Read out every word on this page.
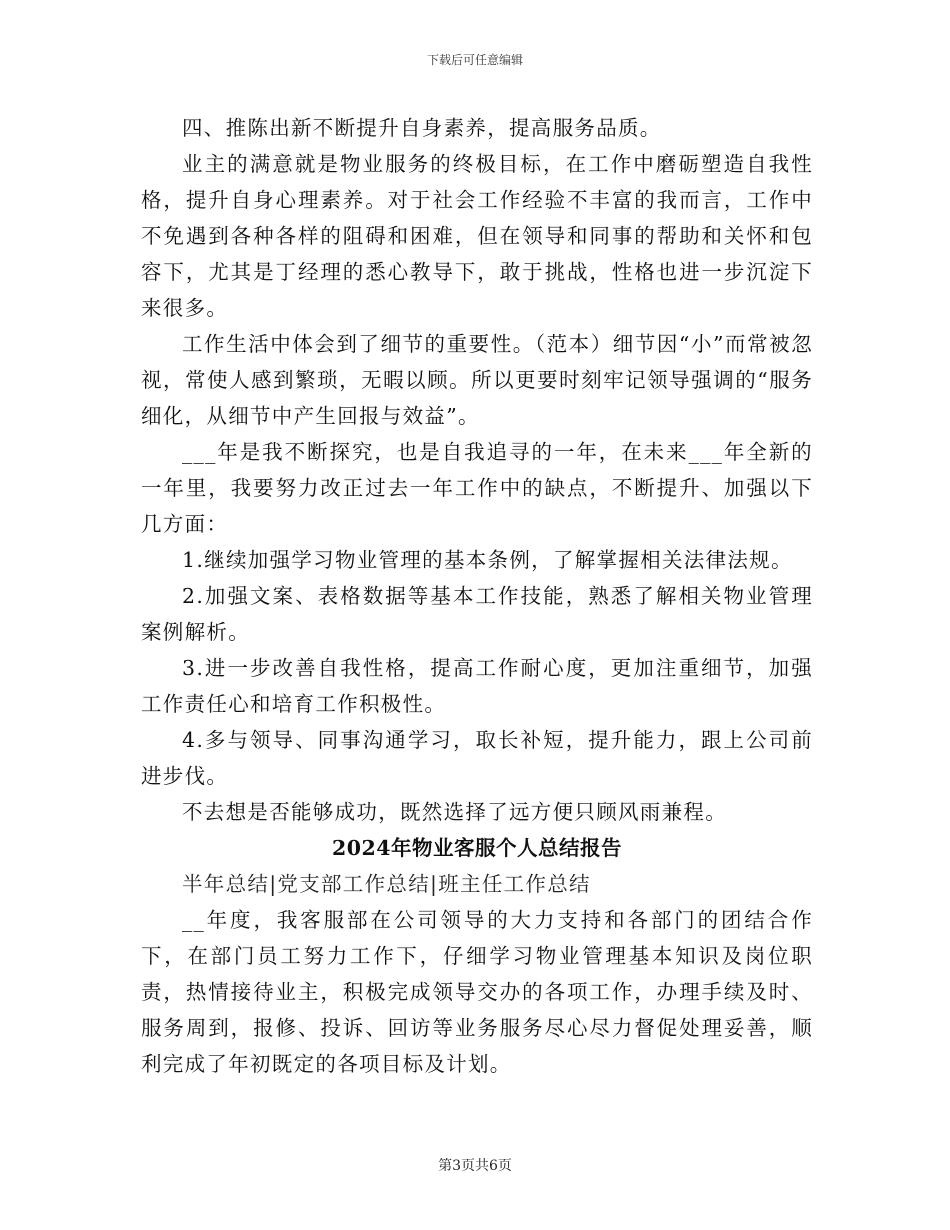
下载后可任意编辑

四、推陈出新不断提升自身素养，提高服务品质。

业主的满意就是物业服务的终极目标，在工作中磨砺塑造自我性格，提升自身心理素养。对于社会工作经验不丰富的我而言，工作中不免遇到各种各样的阻碍和困难，但在领导和同事的帮助和关怀和包容下，尤其是丁经理的悉心教导下，敢于挑战，性格也进一步沉淀下来很多。

工作生活中体会到了细节的重要性。（范本）细节因“小”而常被忽视，常使人感到繁琐，无暇以顾。所以更要时刻牢记领导强调的“服务细化，从细节中产生回报与效益”。

___年是我不断探究，也是自我追寻的一年，在未来___年全新的一年里，我要努力改正过去一年工作中的缺点，不断提升、加强以下几方面：

1.继续加强学习物业管理的基本条例，了解掌握相关法律法规。

2.加强文案、表格数据等基本工作技能，熟悉了解相关物业管理案例解析。

3.进一步改善自我性格，提高工作耐心度，更加注重细节，加强工作责任心和培育工作积极性。

4.多与领导、同事沟通学习，取长补短，提升能力，跟上公司前进步伐。

不去想是否能够成功，既然选择了远方便只顾风雨兼程。

2024年物业客服个人总结报告

半年总结|党支部工作总结|班主任工作总结

__年度，我客服部在公司领导的大力支持和各部门的团结合作下，在部门员工努力工作下，仔细学习物业管理基本知识及岗位职责，热情接待业主，积极完成领导交办的各项工作，办理手续及时、服务周到，报修、投诉、回访等业务服务尽心尽力督促处理妥善，顺利完成了年初既定的各项目标及计划。

第3页共6页
